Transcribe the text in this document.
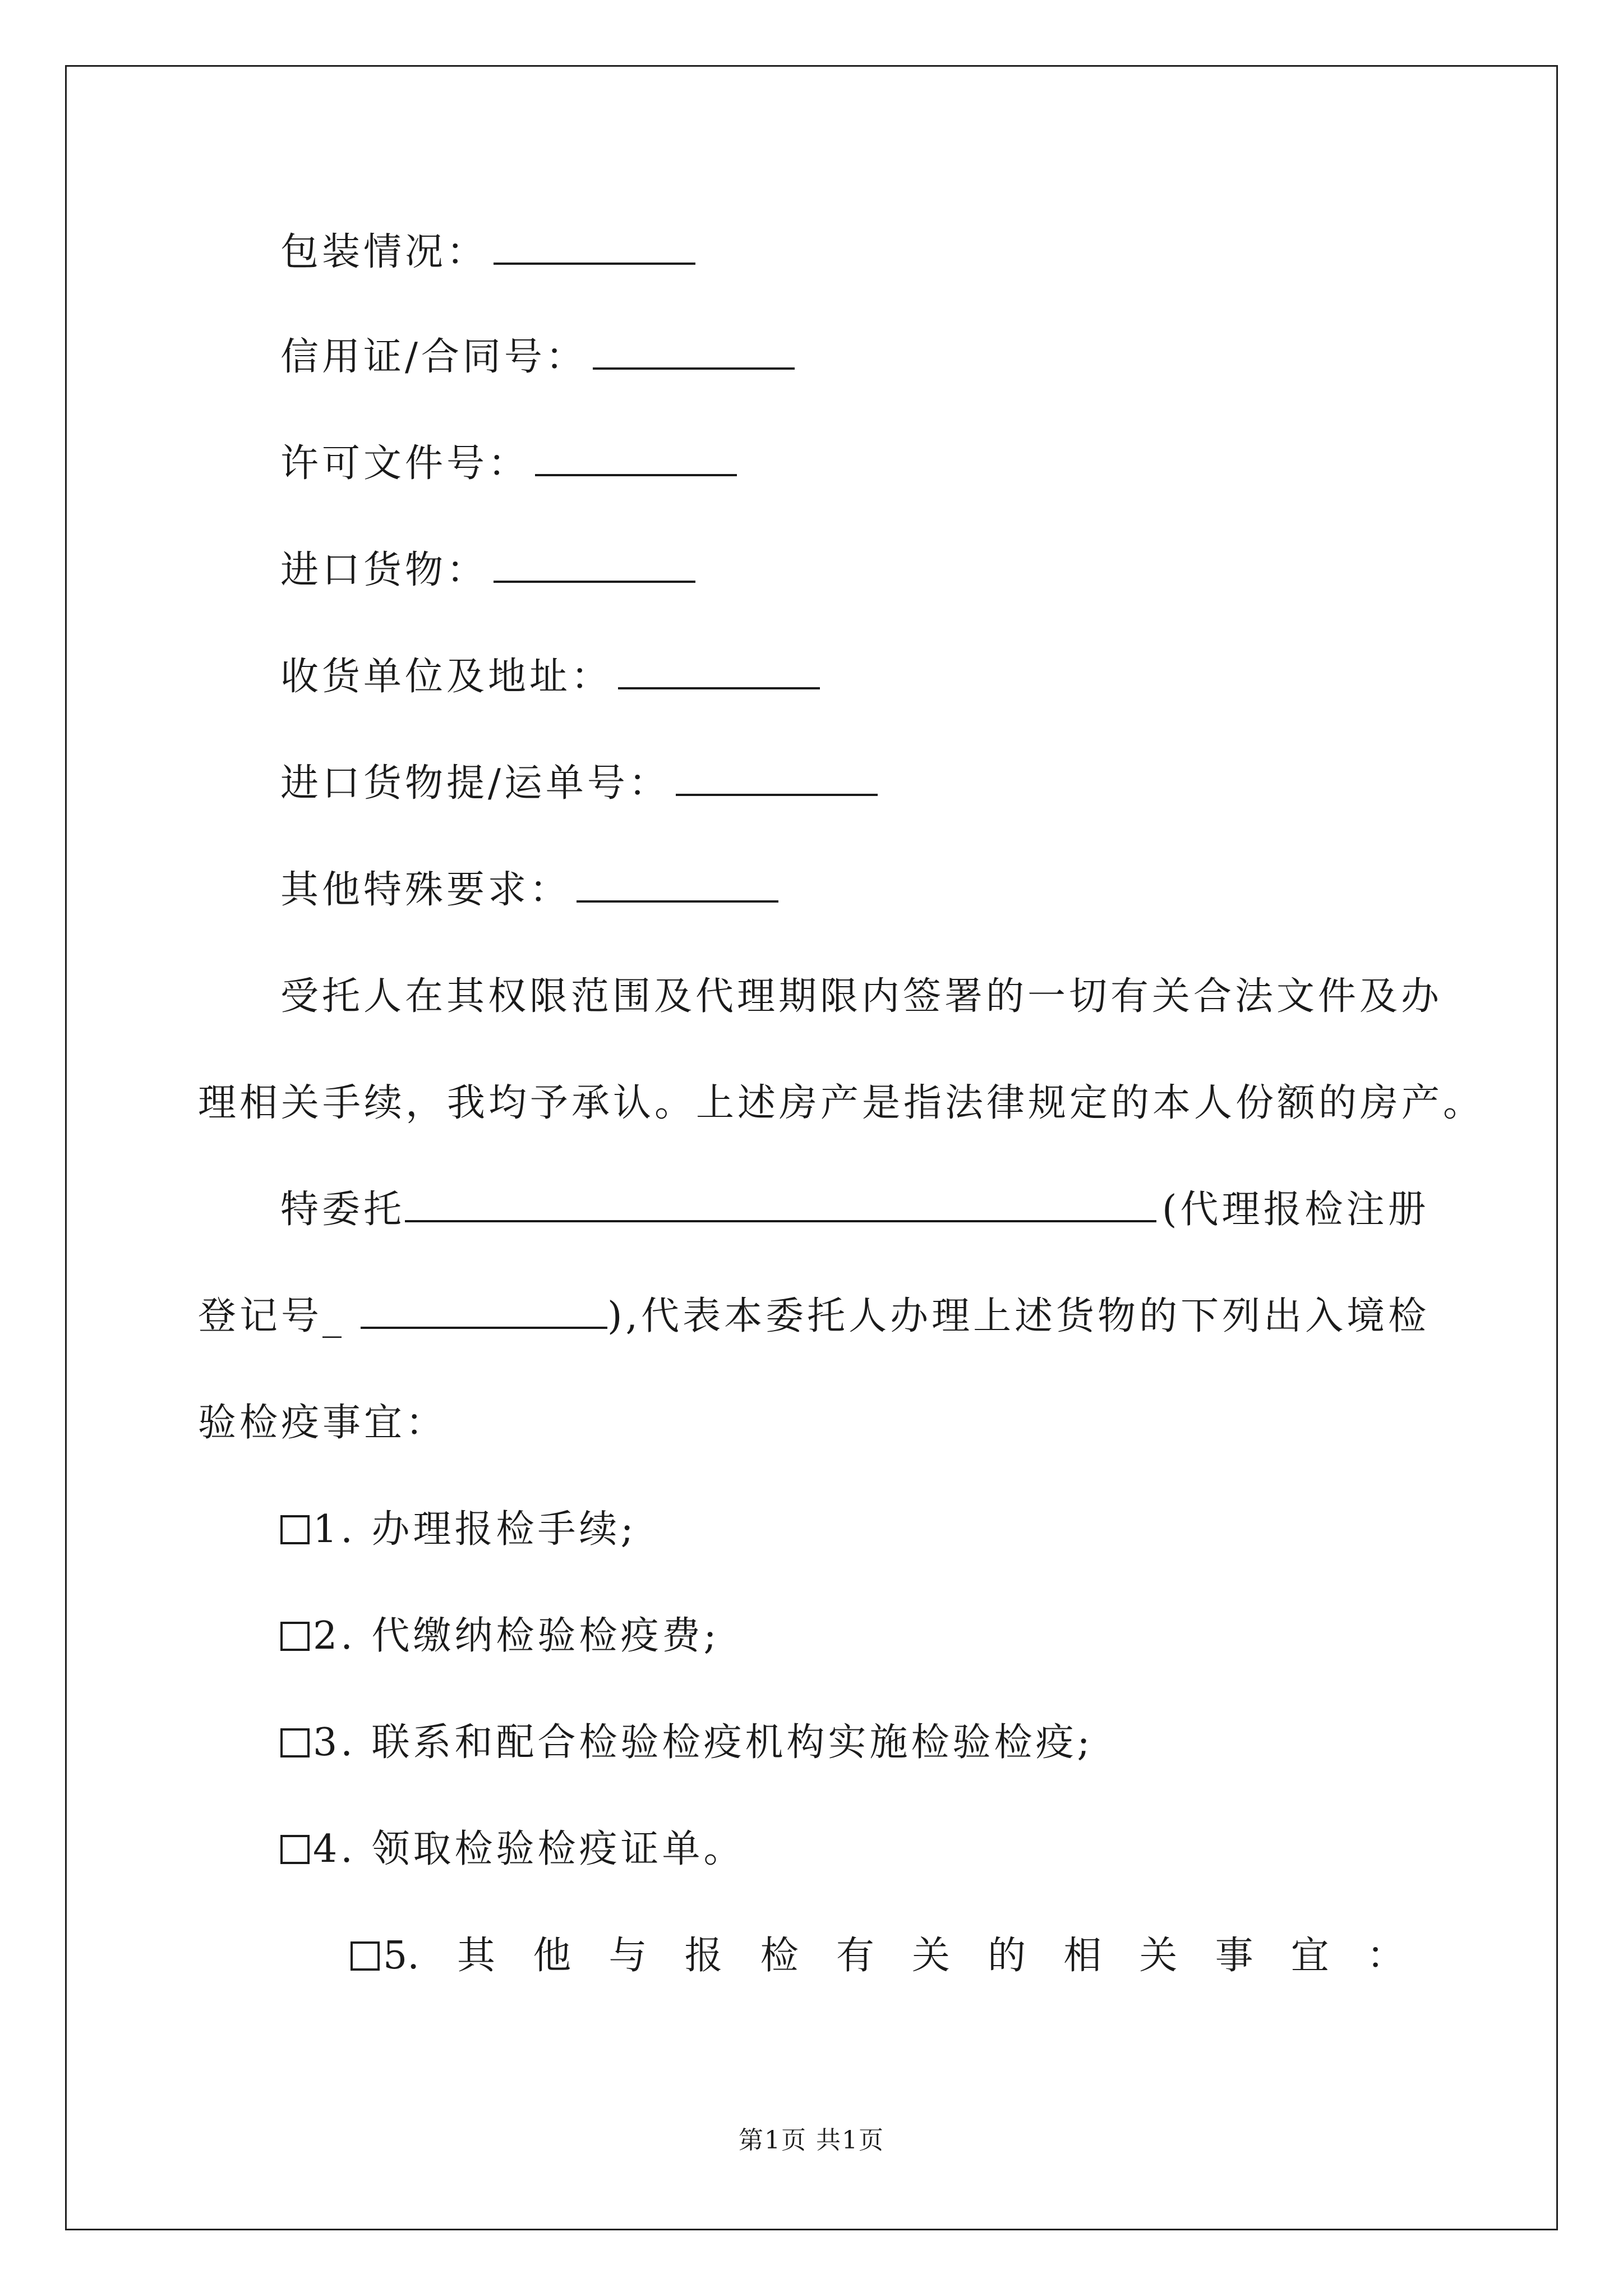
包装情况：
信用证/合同号：
许可文件号：
进口货物：
收货单位及地址：
进口货物提/运单号：
其他特殊要求：
受托人在其权限范围及代理期限内签署的一切有关合法文件及办
理相关手续，我均予承认。上述房产是指法律规定的本人份额的房产。
特委托	(代理报检注册
登记号_	),代表本委托人办理上述货物的下列出入境检
验检疫事宜：
1. 办理报检手续;
2. 代缴纳检验检疫费;
3. 联系和配合检验检疫机构实施检验检疫;
4. 领取检验检疫证单。
5. 其 他 与 报 检 有 关 的 相 关 事 宜 ：
第1页 共1页
